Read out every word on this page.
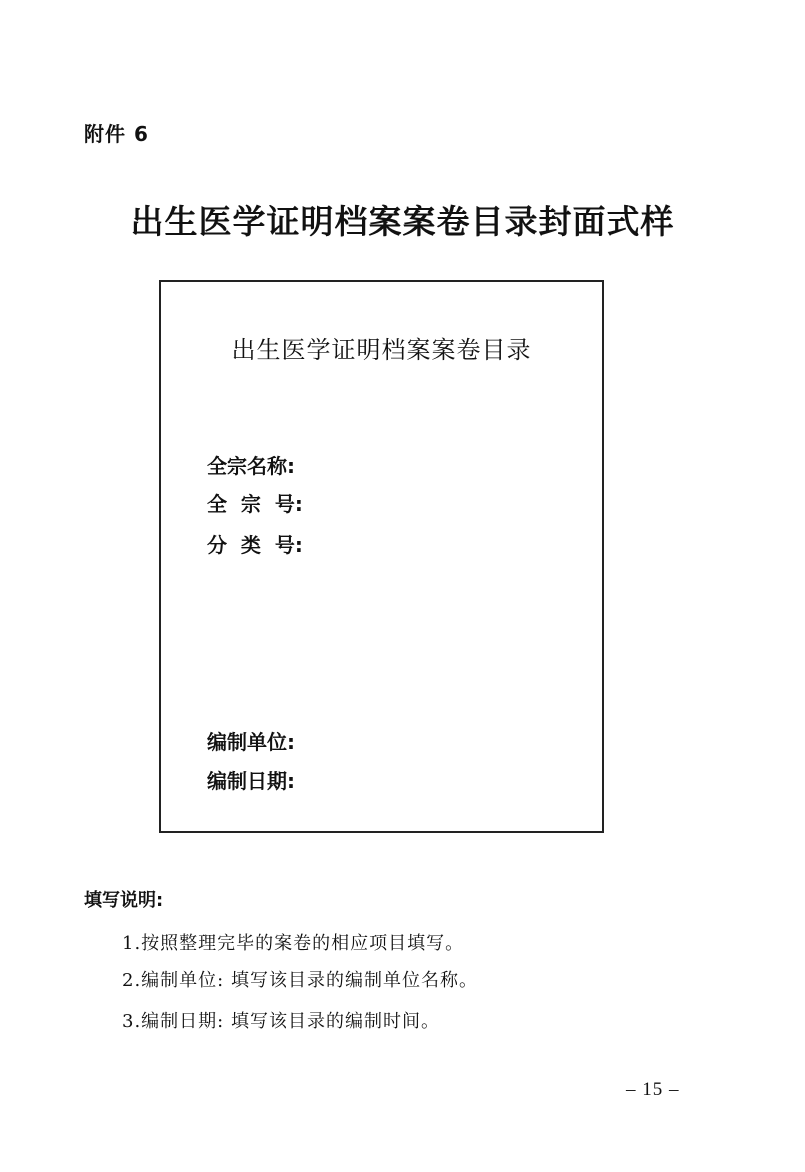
附件 6
出生医学证明档案案卷目录封面式样
出生医学证明档案案卷目录
全宗名称:
全  宗  号:
分  类  号:
编制单位:
编制日期:
填写说明:
1.按照整理完毕的案卷的相应项目填写。
2.编制单位: 填写该目录的编制单位名称。
3.编制日期: 填写该目录的编制时间。
– 15 –
